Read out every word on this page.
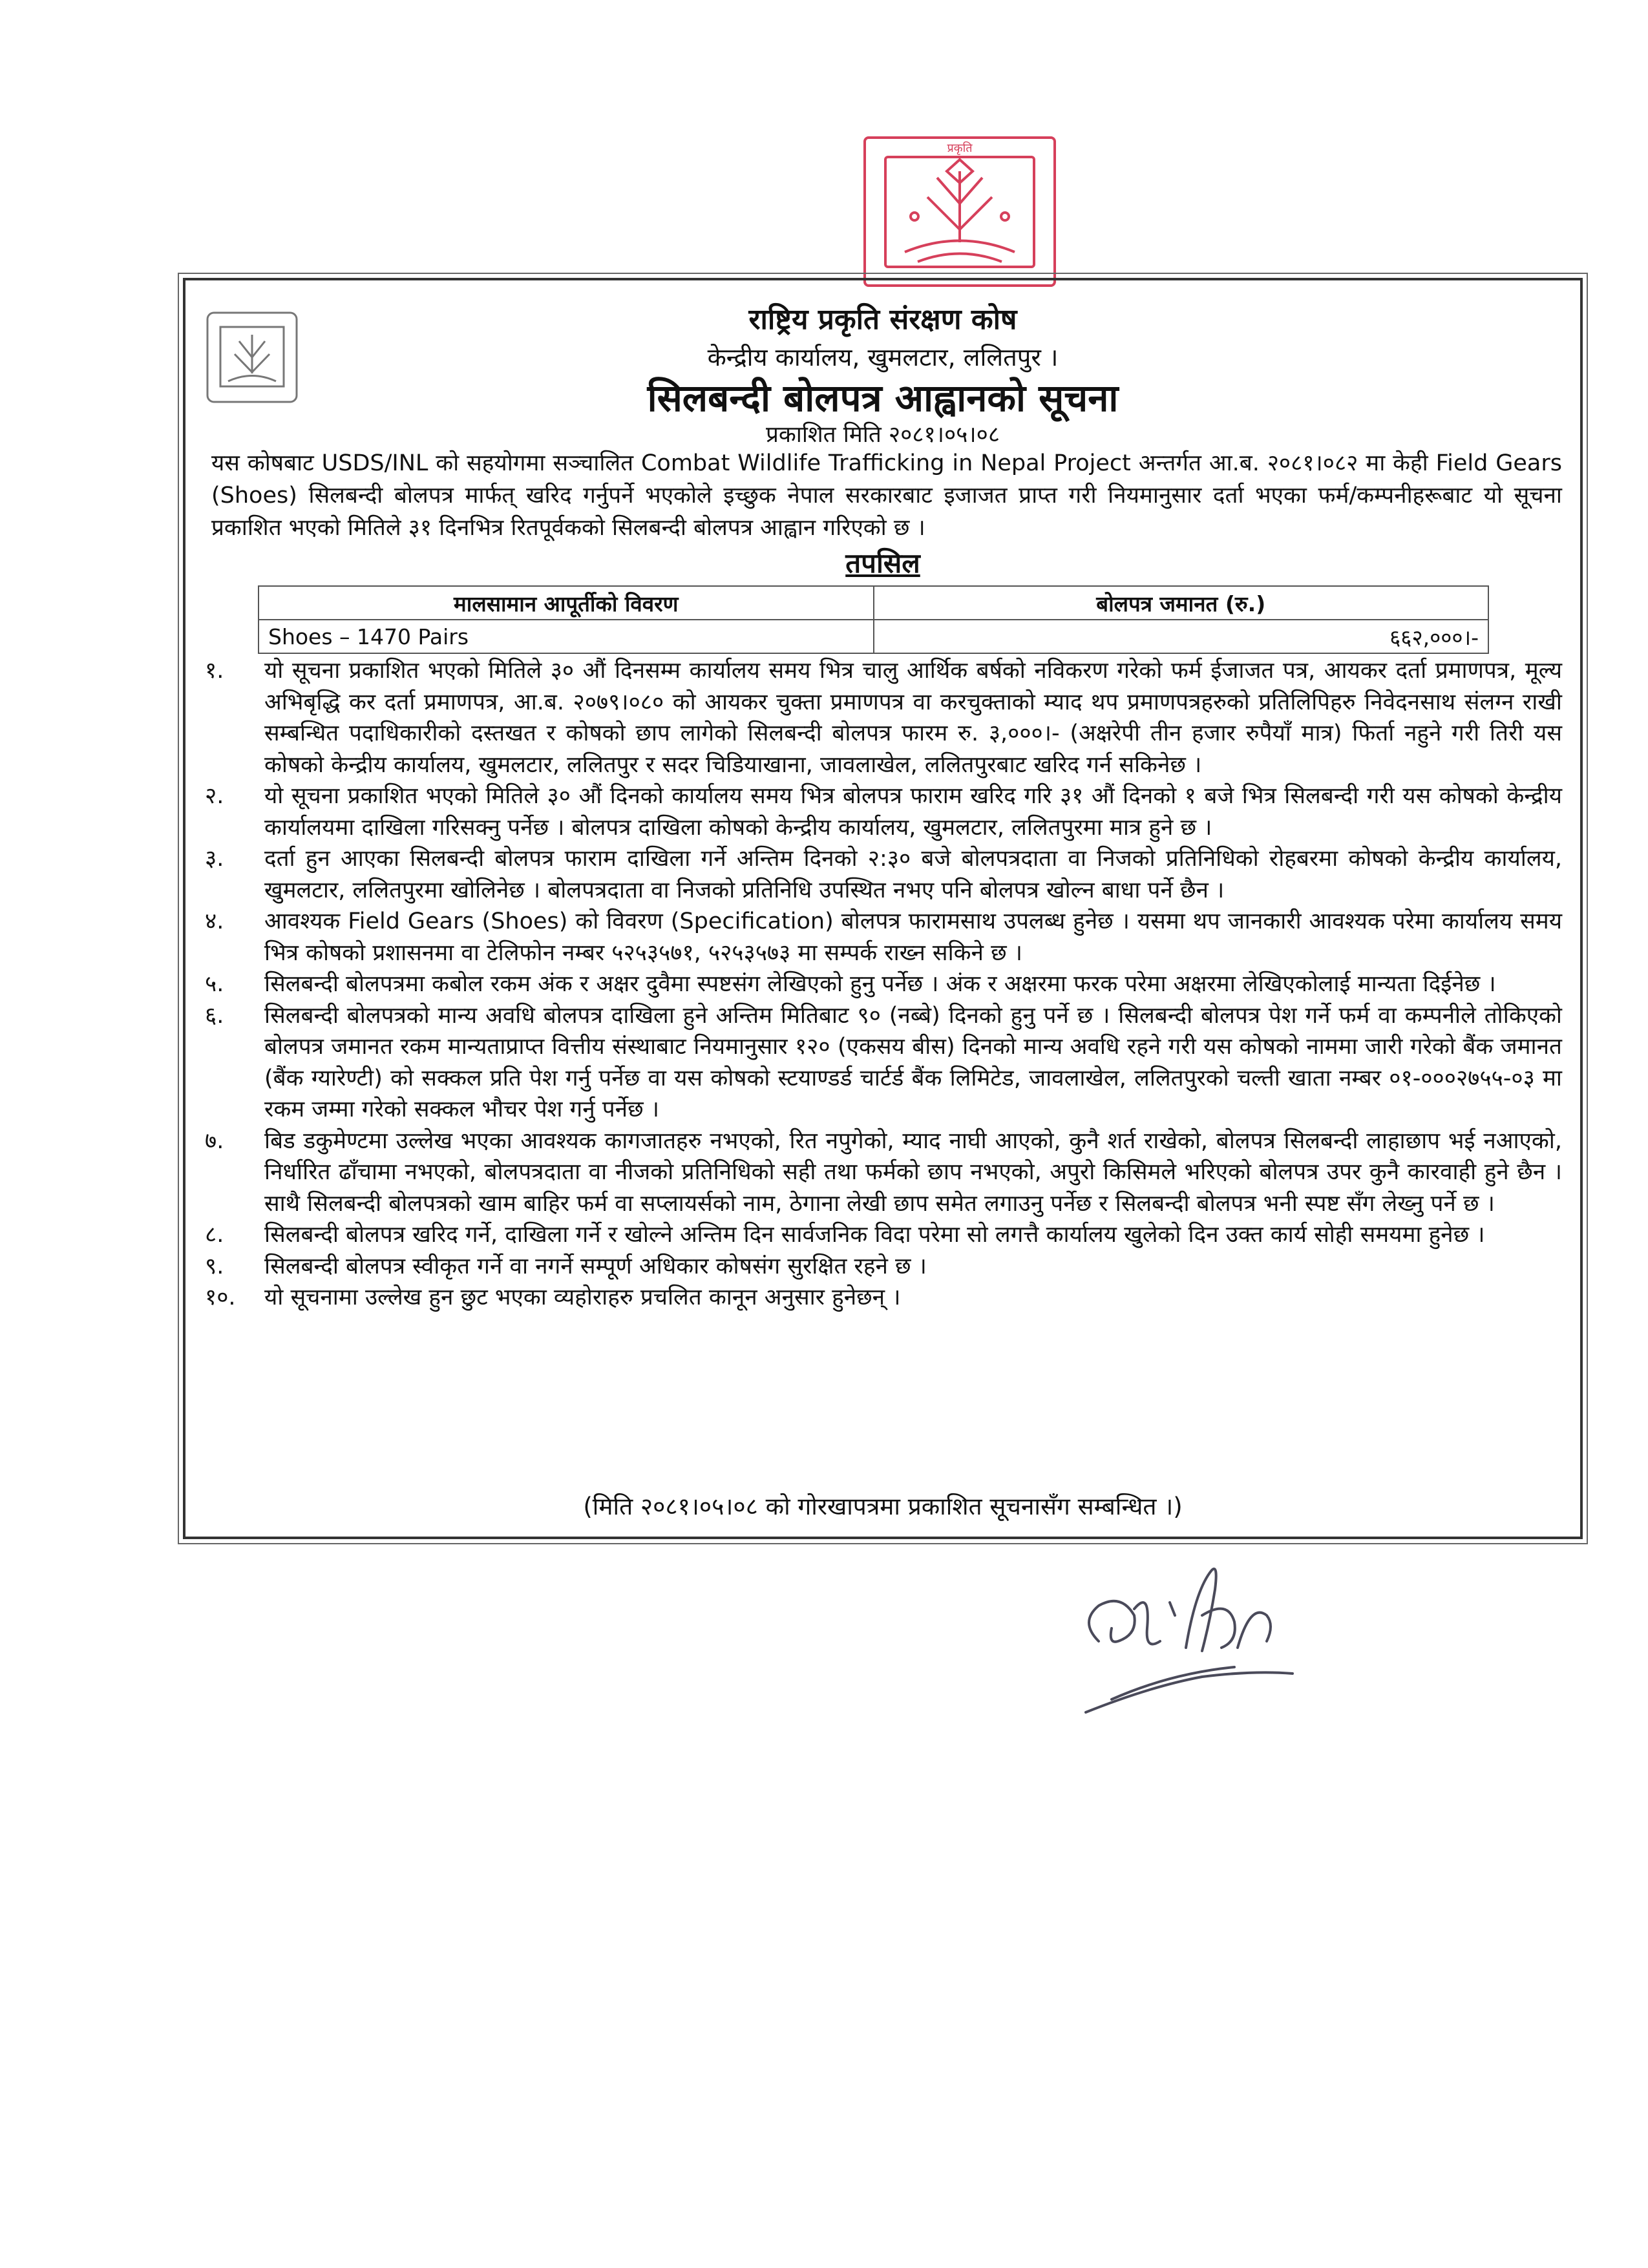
प्रकृति
राष्ट्रिय प्रकृति संरक्षण कोष
केन्द्रीय कार्यालय, खुमलटार, ललितपुर ।
सिलबन्दी बोलपत्र आह्वानको सूचना
प्रकाशित मिति २०८१।०५।०८

यस कोषबाट USDS/INL को सहयोगमा सञ्चालित Combat Wildlife Trafficking in Nepal Project अन्तर्गत आ.ब. २०८१।०८२ मा केही Field Gears (Shoes) सिलबन्दी बोलपत्र मार्फत् खरिद गर्नुपर्ने भएकोले इच्छुक नेपाल सरकारबाट इजाजत प्राप्त गरी नियमानुसार दर्ता भएका फर्म/कम्पनीहरूबाट यो सूचना प्रकाशित भएको मितिले ३१ दिनभित्र रितपूर्वकको सिलबन्दी बोलपत्र आह्वान गरिएको छ ।

तपसिल
मालसामान आपूर्तीको विवरण	बोलपत्र जमानत (रु.)
Shoes – 1470 Pairs	६६२,०००।-
१. यो सूचना प्रकाशित भएको मितिले ३० औं दिनसम्म कार्यालय समय भित्र चालु आर्थिक बर्षको नविकरण गरेको फर्म ईजाजत पत्र, आयकर दर्ता प्रमाणपत्र, मूल्य अभिबृद्धि कर दर्ता प्रमाणपत्र, आ.ब. २०७९।०८० को आयकर चुक्ता प्रमाणपत्र वा करचुक्ताको म्याद थप प्रमाणपत्रहरुको प्रतिलिपिहरु निवेदनसाथ संलग्न राखी सम्बन्धित पदाधिकारीको दस्तखत र कोषको छाप लागेको सिलबन्दी बोलपत्र फारम रु. ३,०००।- (अक्षरेपी तीन हजार रुपैयाँ मात्र) फिर्ता नहुने गरी तिरी यस कोषको केन्द्रीय कार्यालय, खुमलटार, ललितपुर र सदर चिडियाखाना, जावलाखेल, ललितपुरबाट खरिद गर्न सकिनेछ ।
२. यो सूचना प्रकाशित भएको मितिले ३० औं दिनको कार्यालय समय भित्र बोलपत्र फाराम खरिद गरि ३१ औं दिनको १ बजे भित्र सिलबन्दी गरी यस कोषको केन्द्रीय कार्यालयमा दाखिला गरिसक्नु पर्नेछ । बोलपत्र दाखिला कोषको केन्द्रीय कार्यालय, खुमलटार, ललितपुरमा मात्र हुने छ ।
३. दर्ता हुन आएका सिलबन्दी बोलपत्र फाराम दाखिला गर्ने अन्तिम दिनको २:३० बजे बोलपत्रदाता वा निजको प्रतिनिधिको रोहबरमा कोषको केन्द्रीय कार्यालय, खुमलटार, ललितपुरमा खोलिनेछ । बोलपत्रदाता वा निजको प्रतिनिधि उपस्थित नभए पनि बोलपत्र खोल्न बाधा पर्ने छैन ।
४. आवश्यक Field Gears (Shoes) को विवरण (Specification) बोलपत्र फारामसाथ उपलब्ध हुनेछ । यसमा थप जानकारी आवश्यक परेमा कार्यालय समय भित्र कोषको प्रशासनमा वा टेलिफोन नम्बर ५२५३५७१, ५२५३५७३ मा सम्पर्क राख्न सकिने छ ।
५. सिलबन्दी बोलपत्रमा कबोल रकम अंक र अक्षर दुवैमा स्पष्टसंग लेखिएको हुनु पर्नेछ । अंक र अक्षरमा फरक परेमा अक्षरमा लेखिएकोलाई मान्यता दिईनेछ ।
६. सिलबन्दी बोलपत्रको मान्य अवधि बोलपत्र दाखिला हुने अन्तिम मितिबाट ९० (नब्बे) दिनको हुनु पर्ने छ । सिलबन्दी बोलपत्र पेश गर्ने फर्म वा कम्पनीले तोकिएको बोलपत्र जमानत रकम मान्यताप्राप्त वित्तीय संस्थाबाट नियमानुसार १२० (एकसय बीस) दिनको मान्य अवधि रहने गरी यस कोषको नाममा जारी गरेको बैंक जमानत (बैंक ग्यारेण्टी) को सक्कल प्रति पेश गर्नु पर्नेछ वा यस कोषको स्टयाण्डर्ड चार्टर्ड बैंक लिमिटेड, जावलाखेल, ललितपुरको चल्ती खाता नम्बर ०१-०००२७५५-०३ मा रकम जम्मा गरेको सक्कल भौचर पेश गर्नु पर्नेछ ।
७. बिड डकुमेण्टमा उल्लेख भएका आवश्यक कागजातहरु नभएको, रित नपुगेको, म्याद नाघी आएको, कुनै शर्त राखेको, बोलपत्र सिलबन्दी लाहाछाप भई नआएको, निर्धारित ढाँचामा नभएको, बोलपत्रदाता वा नीजको प्रतिनिधिको सही तथा फर्मको छाप नभएको, अपुरो किसिमले भरिएको बोलपत्र उपर कुनै कारवाही हुने छैन । साथै सिलबन्दी बोलपत्रको खाम बाहिर फर्म वा सप्लायर्सको नाम, ठेगाना लेखी छाप समेत लगाउनु पर्नेछ र सिलबन्दी बोलपत्र भनी स्पष्ट सँग लेख्नु पर्ने छ ।
८. सिलबन्दी बोलपत्र खरिद गर्ने, दाखिला गर्ने र खोल्ने अन्तिम दिन सार्वजनिक विदा परेमा सो लगत्तै कार्यालय खुलेको दिन उक्त कार्य सोही समयमा हुनेछ ।
९. सिलबन्दी बोलपत्र स्वीकृत गर्ने वा नगर्ने सम्पूर्ण अधिकार कोषसंग सुरक्षित रहने छ ।
१०. यो सूचनामा उल्लेख हुन छुट भएका व्यहोराहरु प्रचलित कानून अनुसार हुनेछन् ।
(मिति २०८१।०५।०८ को गोरखापत्रमा प्रकाशित सूचनासँग सम्बन्धित ।)
